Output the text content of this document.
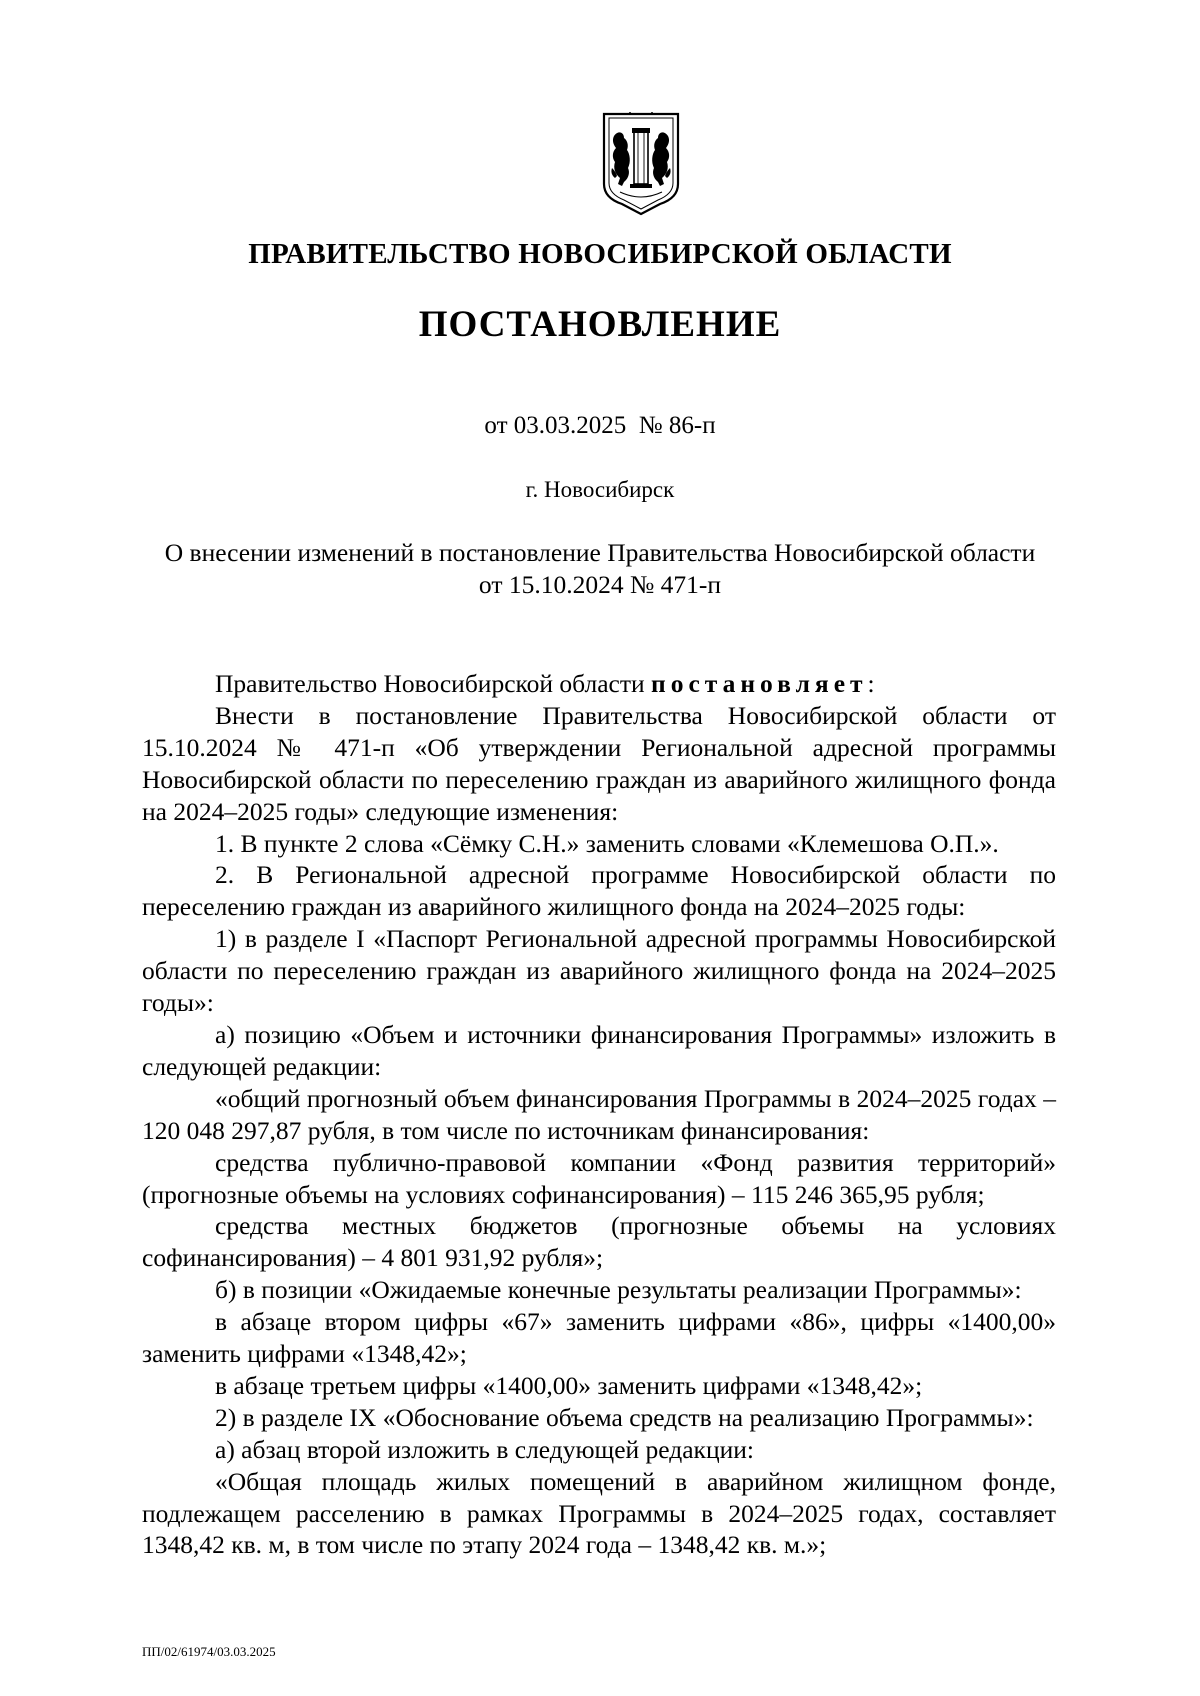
ПРАВИТЕЛЬСТВО НОВОСИБИРСКОЙ ОБЛАСТИ
ПОСТАНОВЛЕНИЕ
от 03.03.2025  № 86-п
г. Новосибирск
О внесении изменений в постановление Правительства Новосибирской области
от 15.10.2024 № 471-п

Правительство Новосибирской области постановляет:

Внести в постановление Правительства Новосибирской области от 15.10.2024 № 471-п «Об утверждении Региональной адресной программы Новосибирской области по переселению граждан из аварийного жилищного фонда на 2024–2025 годы» следующие изменения:

1. В пункте 2 слова «Сёмку С.Н.» заменить словами «Клемешова О.П.».

2. В Региональной адресной программе Новосибирской области по переселению граждан из аварийного жилищного фонда на 2024–2025 годы:

1) в разделе I «Паспорт Региональной адресной программы Новосибирской области по переселению граждан из аварийного жилищного фонда на 2024–2025 годы»:

а) позицию «Объем и источники финансирования Программы» изложить в следующей редакции:

«общий прогнозный объем финансирования Программы в 2024–2025 годах – 120 048 297,87 рубля, в том числе по источникам финансирования:

средства публично-правовой компании «Фонд развития территорий» (прогнозные объемы на условиях софинансирования) – 115 246 365,95 рубля;

средства местных бюджетов (прогнозные объемы на условиях софинансирования) – 4 801 931,92 рубля»;

б) в позиции «Ожидаемые конечные результаты реализации Программы»:

в абзаце втором цифры «67» заменить цифрами «86», цифры «1400,00» заменить цифрами «1348,42»;

в абзаце третьем цифры «1400,00» заменить цифрами «1348,42»;

2) в разделе IX «Обоснование объема средств на реализацию Программы»:

а) абзац второй изложить в следующей редакции:

«Общая площадь жилых помещений в аварийном жилищном фонде, подлежащем расселению в рамках Программы в 2024–2025 годах, составляет 1348,42 кв. м, в том числе по этапу 2024 года – 1348,42 кв. м.»;

ПП/02/61974/03.03.2025
